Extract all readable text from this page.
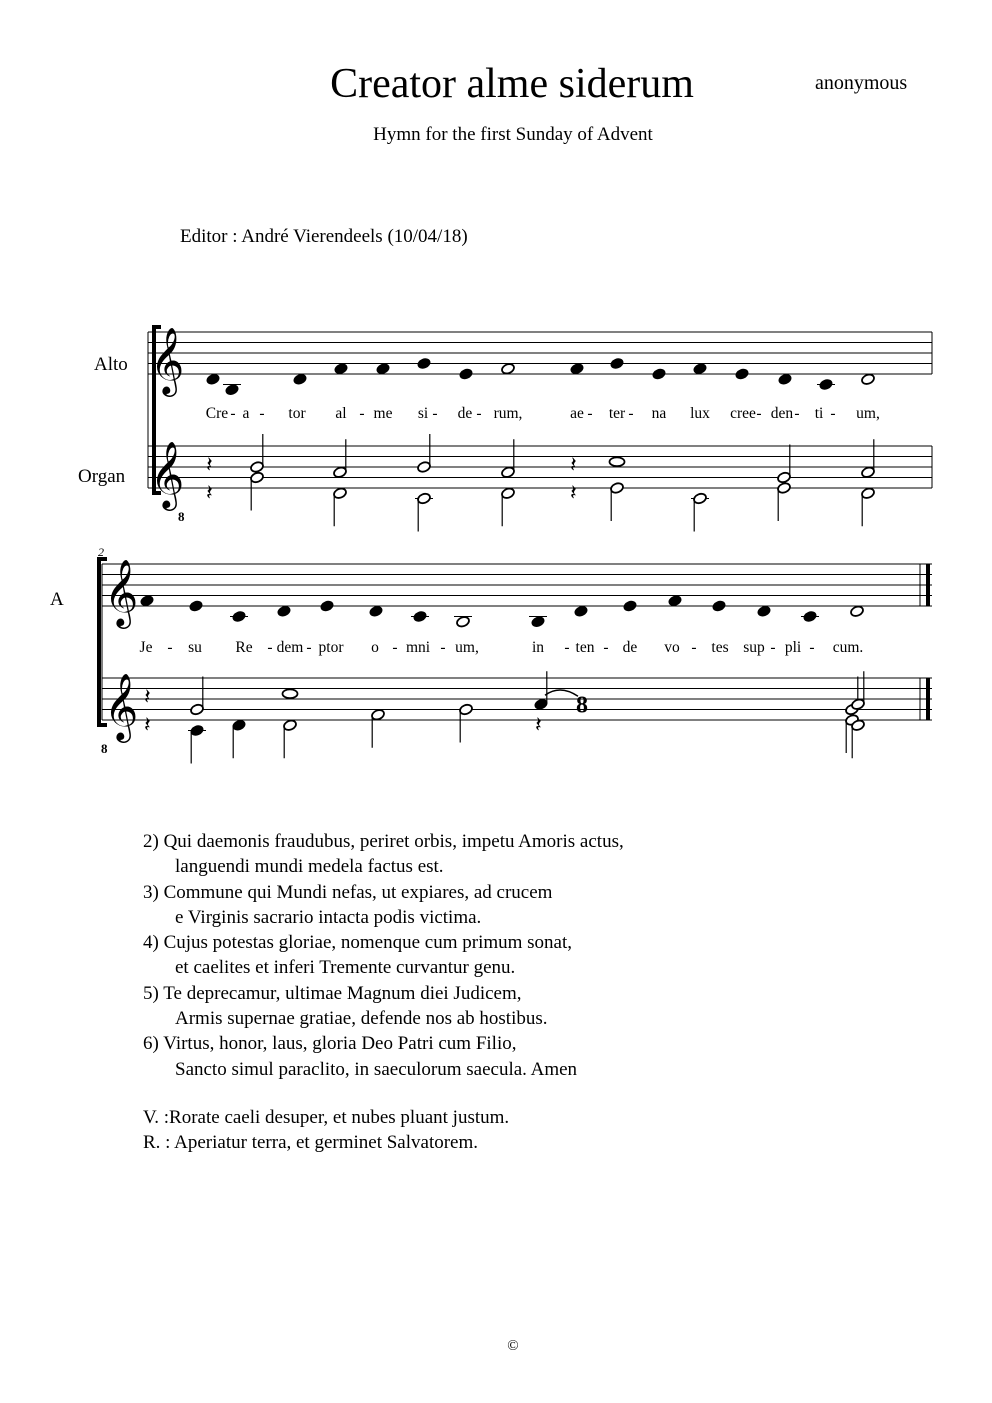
Creator alme siderum	anonymous
Hymn for the first Sunday of Advent
Editor : André Vierendeels (10/04/18)
Alto
Organ
A
𝄞
𝄞
8
Cre - a - tor al - me si - de - rum,	ae - ter - na lux cree - den - ti - um,
𝄽
𝄽
𝄽
𝄽
𝄞
𝄞
8
2
Je - su Re - dem - ptor o - mni - um,	in - ten - de vo - tes sup - pli - cum.
𝄽
𝄽	𝄽
8
2) Qui daemonis fraudubus, periret orbis, impetu Amoris actus,
languendi mundi medela factus est.
3) Commune qui Mundi nefas, ut expiares, ad crucem
e Virginis sacrario intacta podis victima.
4) Cujus potestas gloriae, nomenque cum primum sonat,
et caelites et inferi Tremente curvantur genu.
5) Te deprecamur, ultimae Magnum diei Judicem,
Armis supernae gratiae, defende nos ab hostibus.
6) Virtus, honor, laus, gloria Deo Patri cum Filio,
Sancto simul paraclito, in saeculorum saecula. Amen
V. :Rorate caeli desuper, et nubes pluant justum.
R. : Aperiatur terra, et germinet Salvatorem.
©
